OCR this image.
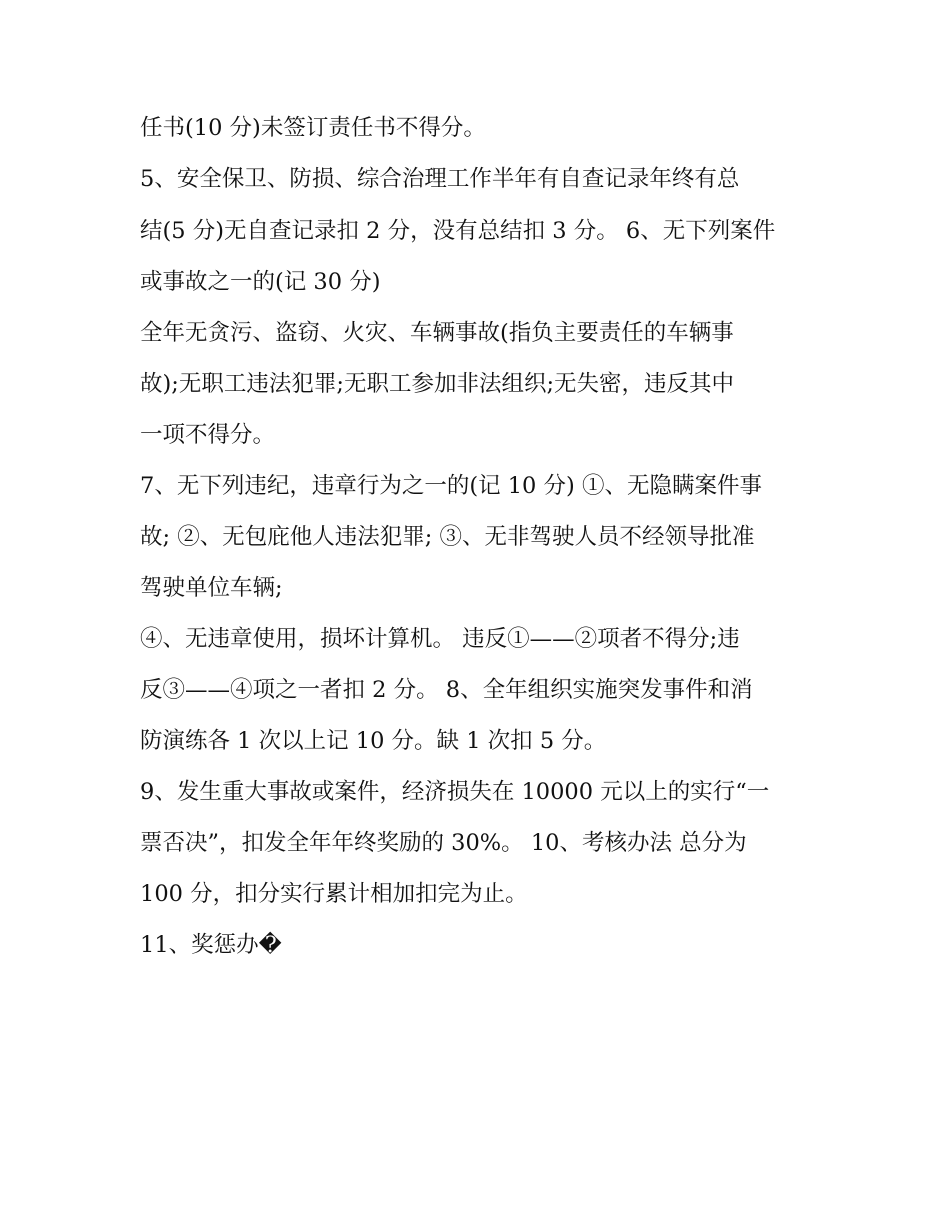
任书(10 分)未签订责任书不得分。

5、安全保卫、防损、综合治理工作半年有自查记录年终有总

结(5 分)无自查记录扣 2 分，没有总结扣 3 分。 6、无下列案件

或事故之一的(记 30 分)

全年无贪污、盗窃、火灾、车辆事故(指负主要责任的车辆事

故);无职工违法犯罪;无职工参加非法组织;无失密，违反其中

一项不得分。

7、无下列违纪，违章行为之一的(记 10 分) ①、无隐瞒案件事

故; ②、无包庇他人违法犯罪; ③、无非驾驶人员不经领导批准

驾驶单位车辆;

④、无违章使用，损坏计算机。 违反①——②项者不得分;违

反③——④项之一者扣 2 分。 8、全年组织实施突发事件和消

防演练各 1 次以上记 10 分。缺 1 次扣 5 分。

9、发生重大事故或案件，经济损失在 10000 元以上的实行“一

票否决”，扣发全年年终奖励的 30%。 10、考核办法 总分为

100 分，扣分实行累计相加扣完为止。

11、奖惩办�
